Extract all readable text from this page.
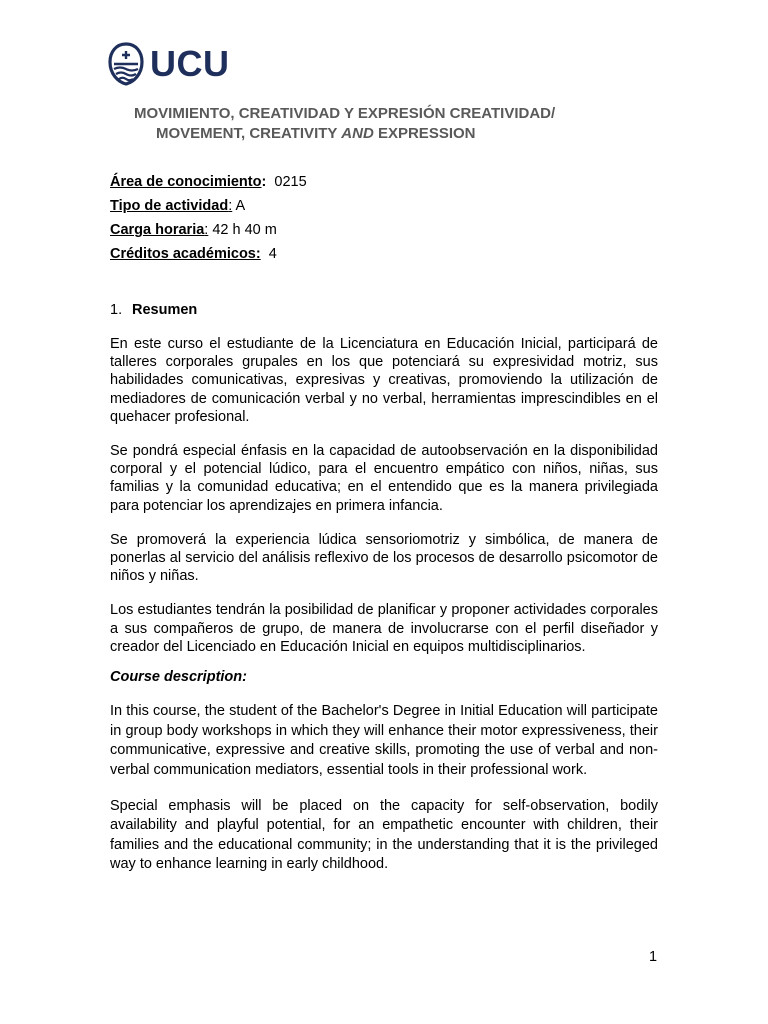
UCU
MOVIMIENTO, CREATIVIDAD Y EXPRESIÓN CREATIVIDAD/
MOVEMENT, CREATIVITY AND EXPRESSION
Área de conocimiento:  0215
Tipo de actividad: A
Carga horaria: 42 h 40 m
Créditos académicos:  4
1. Resumen

En este curso el estudiante de la Licenciatura en Educación Inicial, participará de talleres corporales grupales en los que potenciará su expresividad motriz, sus habilidades comunicativas, expresivas y creativas, promoviendo la utilización de mediadores de comunicación verbal y no verbal, herramientas imprescindibles en el quehacer profesional.

Se pondrá especial énfasis en la capacidad de autoobservación en la disponibilidad corporal y el potencial lúdico, para el encuentro empático con niños, niñas, sus familias y la comunidad educativa; en el entendido que es la manera privilegiada para potenciar los aprendizajes en primera infancia.

Se promoverá la experiencia lúdica sensoriomotriz y simbólica, de manera de ponerlas al servicio del análisis reflexivo de los procesos de desarrollo psicomotor de niños y niñas.

Los estudiantes tendrán la posibilidad de planificar y proponer actividades corporales a sus compañeros de grupo, de manera de involucrarse con el perfil diseñador y creador del Licenciado en Educación Inicial en equipos multidisciplinarios.

Course description:

In this course, the student of the Bachelor's Degree in Initial Education will participate in group body workshops in which they will enhance their motor expressiveness, their communicative, expressive and creative skills, promoting the use of verbal and non-verbal communication mediators, essential tools in their professional work.

Special emphasis will be placed on the capacity for self-observation, bodily availability and playful potential, for an empathetic encounter with children, their families and the educational community; in the understanding that it is the privileged way to enhance learning in early childhood.

1
